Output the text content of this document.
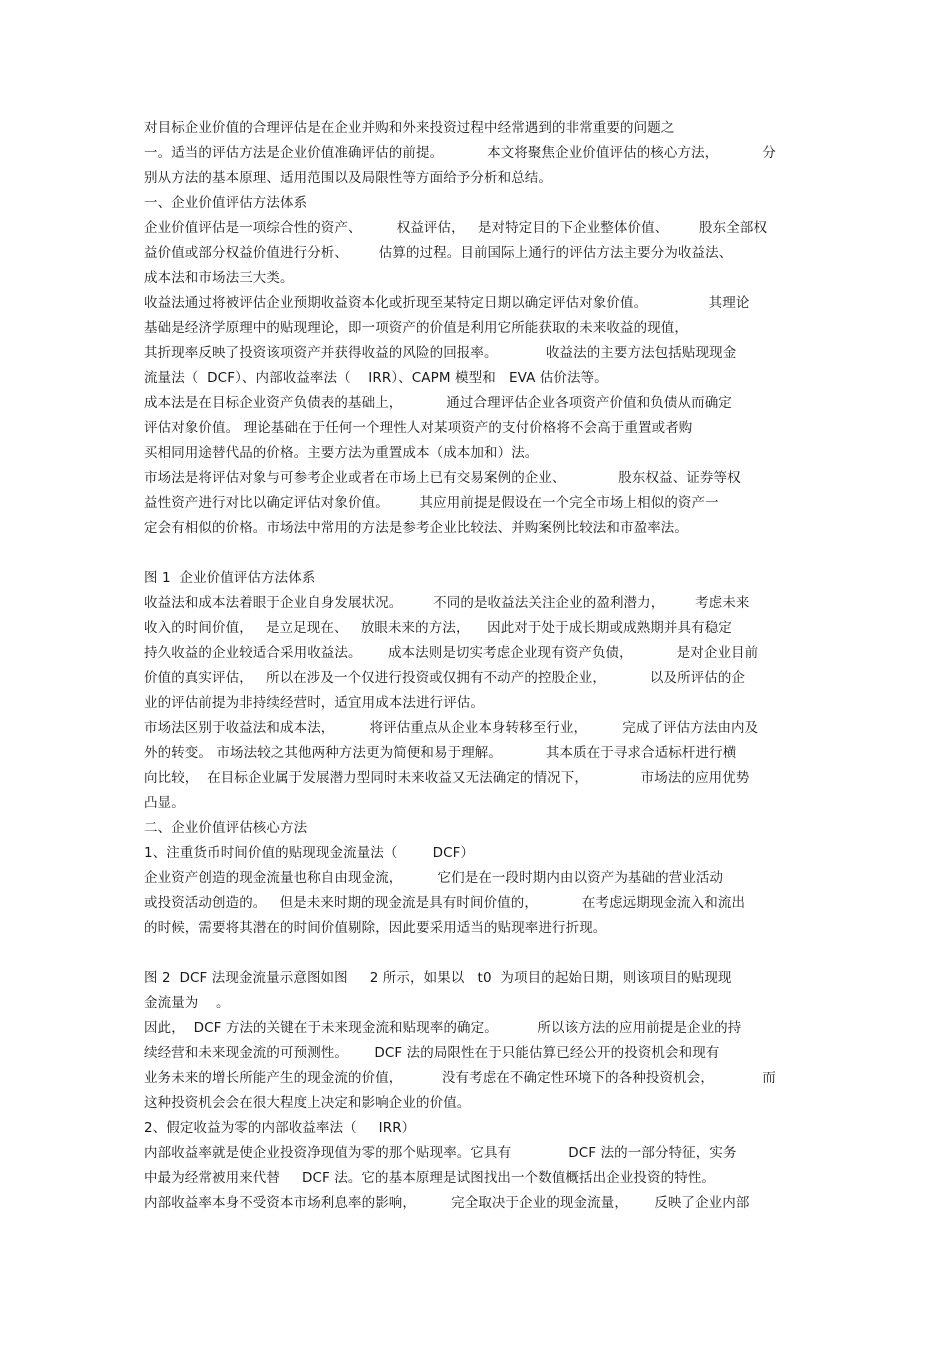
对目标企业价值的合理评估是在企业并购和外来投资过程中经常遇到的非常重要的问题之
一。适当的评估方法是企业价值准确评估的前提。          本文将聚焦企业价值评估的核心方法，          分
别从方法的基本原理、适用范围以及局限性等方面给予分析和总结。
一、企业价值评估方法体系
企业价值评估是一项综合性的资产、        权益评估，   是对特定目的下企业整体价值、       股东全部权
益价值或部分权益价值进行分析、       估算的过程。目前国际上通行的评估方法主要分为收益法、
成本法和市场法三大类。
收益法通过将被评估企业预期收益资本化或折现至某特定日期以确定评估对象价值。              其理论
基础是经济学原理中的贴现理论，即一项资产的价值是利用它所能获取的未来收益的现值，
其折现率反映了投资该项资产并获得收益的风险的回报率。           收益法的主要方法包括贴现现金
流量法（  DCF）、内部收益率法（    IRR）、CAPM 模型和   EVA 估价法等。
成本法是在目标企业资产负债表的基础上，          通过合理评估企业各项资产价值和负债从而确定
评估对象价值。 理论基础在于任何一个理性人对某项资产的支付价格将不会高于重置或者购
买相同用途替代品的价格。主要方法为重置成本（成本加和）法。
市场法是将评估对象与可参考企业或者在市场上已有交易案例的企业、            股东权益、证券等权
益性资产进行对比以确定评估对象价值。       其应用前提是假设在一个完全市场上相似的资产一
定会有相似的价格。市场法中常用的方法是参考企业比较法、并购案例比较法和市盈率法。
图 1  企业价值评估方法体系
收益法和成本法着眼于企业自身发展状况。       不同的是收益法关注企业的盈利潜力，       考虑未来
收入的时间价值，   是立足现在、   放眼未来的方法，    因此对于处于成长期或成熟期并具有稳定
持久收益的企业较适合采用收益法。      成本法则是切实考虑企业现有资产负债，          是对企业目前
价值的真实评估，   所以在涉及一个仅进行投资或仅拥有不动产的控股企业，          以及所评估的企
业的评估前提为非持续经营时，适宜用成本法进行评估。
市场法区别于收益法和成本法，        将评估重点从企业本身转移至行业，        完成了评估方法由内及
外的转变。 市场法较之其他两种方法更为简便和易于理解。          其本质在于寻求合适标杆进行横
向比较，  在目标企业属于发展潜力型同时未来收益又无法确定的情况下，            市场法的应用优势
凸显。
二、企业价值评估核心方法
1、注重货币时间价值的贴现现金流量法（        DCF）
企业资产创造的现金流量也称自由现金流，        它们是在一段时期内由以资产为基础的营业活动
或投资活动创造的。   但是未来时期的现金流是具有时间价值的，          在考虑远期现金流入和流出
的时候，需要将其潜在的时间价值剔除，因此要采用适当的贴现率进行折现。
图 2  DCF 法现金流量示意图如图     2 所示，如果以   t0  为项目的起始日期，则该项目的贴现现
金流量为    。
因此，  DCF 方法的关键在于未来现金流和贴现率的确定。         所以该方法的应用前提是企业的持
续经营和未来现金流的可预测性。      DCF 法的局限性在于只能估算已经公开的投资机会和现有
业务未来的增长所能产生的现金流的价值，         没有考虑在不确定性环境下的各种投资机会，           而
这种投资机会会在很大程度上决定和影响企业的价值。
2、假定收益为零的内部收益率法（     IRR）
内部收益率就是使企业投资净现值为零的那个贴现率。它具有             DCF 法的一部分特征，实务
中最为经常被用来代替     DCF 法。它的基本原理是试图找出一个数值概括出企业投资的特性。
内部收益率本身不受资本市场利息率的影响，        完全取决于企业的现金流量，      反映了企业内部
